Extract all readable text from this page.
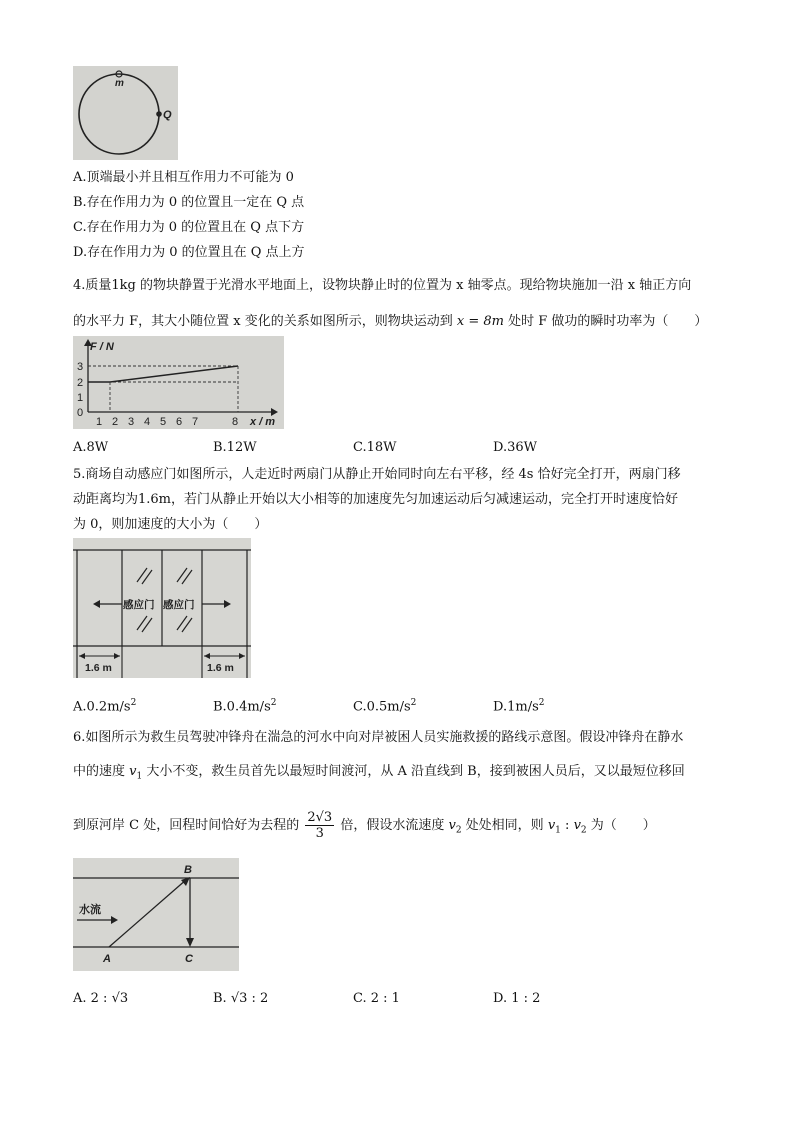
m
Q
A.顶端最小并且相互作用力不可能为 0
B.存在作用力为 0 的位置且一定在 Q 点
C.存在作用力为 0 的位置且在 Q 点下方
D.存在作用力为 0 的位置且在 Q 点上方
4.质量1kg 的物块静置于光滑水平地面上，设物块静止时的位置为 x 轴零点。现给物块施加一沿 x 轴正方向
的水平力 F，其大小随位置 x 变化的关系如图所示，则物块运动到 x = 8m 处时 F 做功的瞬时功率为（　　）
3
2
1
0
F / N
1 2 3 4 5 6 7	8 x / m
A.8W	B.12W	C.18W	D.36W
5.商场自动感应门如图所示，人走近时两扇门从静止开始同时向左右平移，经 4s 恰好完全打开，两扇门移
动距离均为1.6m，若门从静止开始以大小相等的加速度先匀加速运动后匀减速运动，完全打开时速度恰好
为 0，则加速度的大小为（　　）
感应门 感应门
1.6 m	1.6 m
$A.0.2m/s^2$	$B.0.4m/s^2$	$C.0.5m/s^2$	$D.1m/s^2$
6.如图所示为救生员驾驶冲锋舟在湍急的河水中向对岸被困人员实施救援的路线示意图。假设冲锋舟在静水
中的速度 $v_1$ 大小不变，救生员首先以最短时间渡河，从 A 沿直线到 B，接到被困人员后，又以最短位移回
到原河岸 C 处，回程时间恰好为去程的 $\frac{2√3}{3}$ 倍，假设水流速度 $v_2$ 处处相同，则 $v_1$ : $v_2$ 为（　　）
水流
B
A	C
A. 2 : √3	B. √3 : 2	C. 2 : 1	D. 1 : 2
